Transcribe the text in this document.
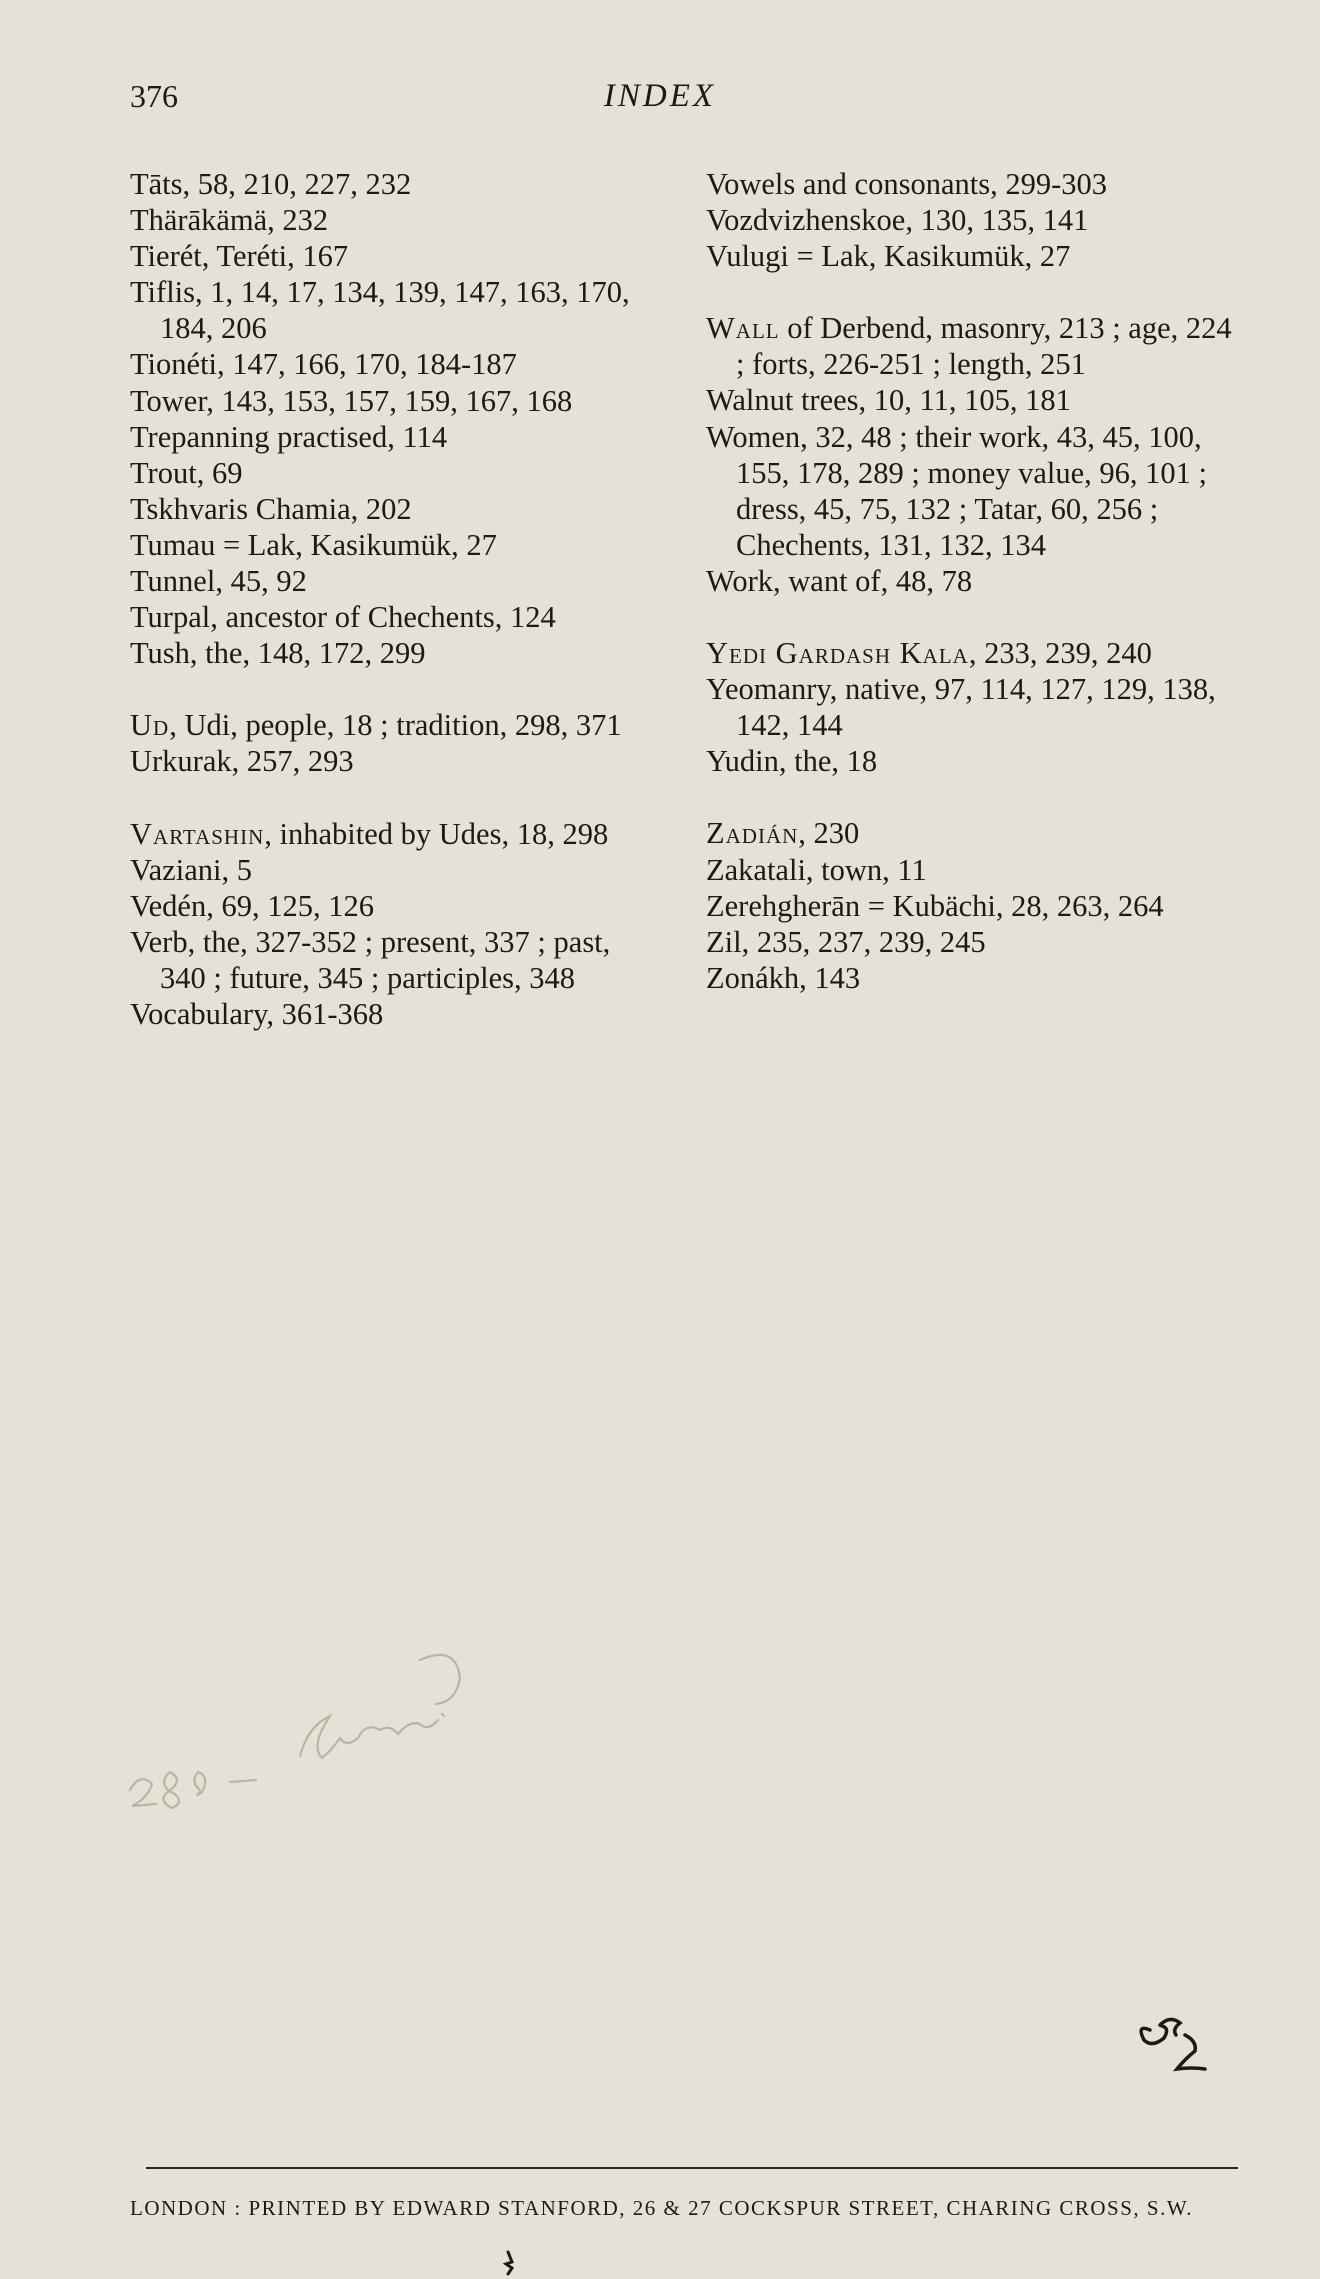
376	INDEX
Tāts, 58, 210, 227, 232
Thärākämä, 232
Tierét, Teréti, 167
Tiflis, 1, 14, 17, 134, 139, 147, 163, 170, 184, 206
Tionéti, 147, 166, 170, 184-187
Tower, 143, 153, 157, 159, 167, 168
Trepanning practised, 114
Trout, 69
Tskhvaris Chamia, 202
Tumau = Lak, Kasikumük, 27
Tunnel, 45, 92
Turpal, ancestor of Chechents, 124
Tush, the, 148, 172, 299
Ud, Udi, people, 18 ; tradition, 298, 371
Urkurak, 257, 293
Vartashin, inhabited by Udes, 18, 298
Vaziani, 5
Vedén, 69, 125, 126
Verb, the, 327-352 ; present, 337 ; past, 340 ; future, 345 ; participles, 348
Vocabulary, 361-368
Vowels and consonants, 299-303
Vozdvizhenskoe, 130, 135, 141
Vulugi = Lak, Kasikumük, 27
Wall of Derbend, masonry, 213 ; age, 224 ; forts, 226-251 ; length, 251
Walnut trees, 10, 11, 105, 181
Women, 32, 48 ; their work, 43, 45, 100, 155, 178, 289 ; money value, 96, 101 ; dress, 45, 75, 132 ; Tatar, 60, 256 ; Chechents, 131, 132, 134
Work, want of, 48, 78
Yedi Gardash Kala, 233, 239, 240
Yeomanry, native, 97, 114, 127, 129, 138, 142, 144
Yudin, the, 18
Zadián, 230
Zakatali, town, 11
Zerehgherān = Kubächi, 28, 263, 264
Zil, 235, 237, 239, 245
Zonákh, 143
LONDON : PRINTED BY EDWARD STANFORD, 26 & 27 COCKSPUR STREET, CHARING CROSS, S.W.
